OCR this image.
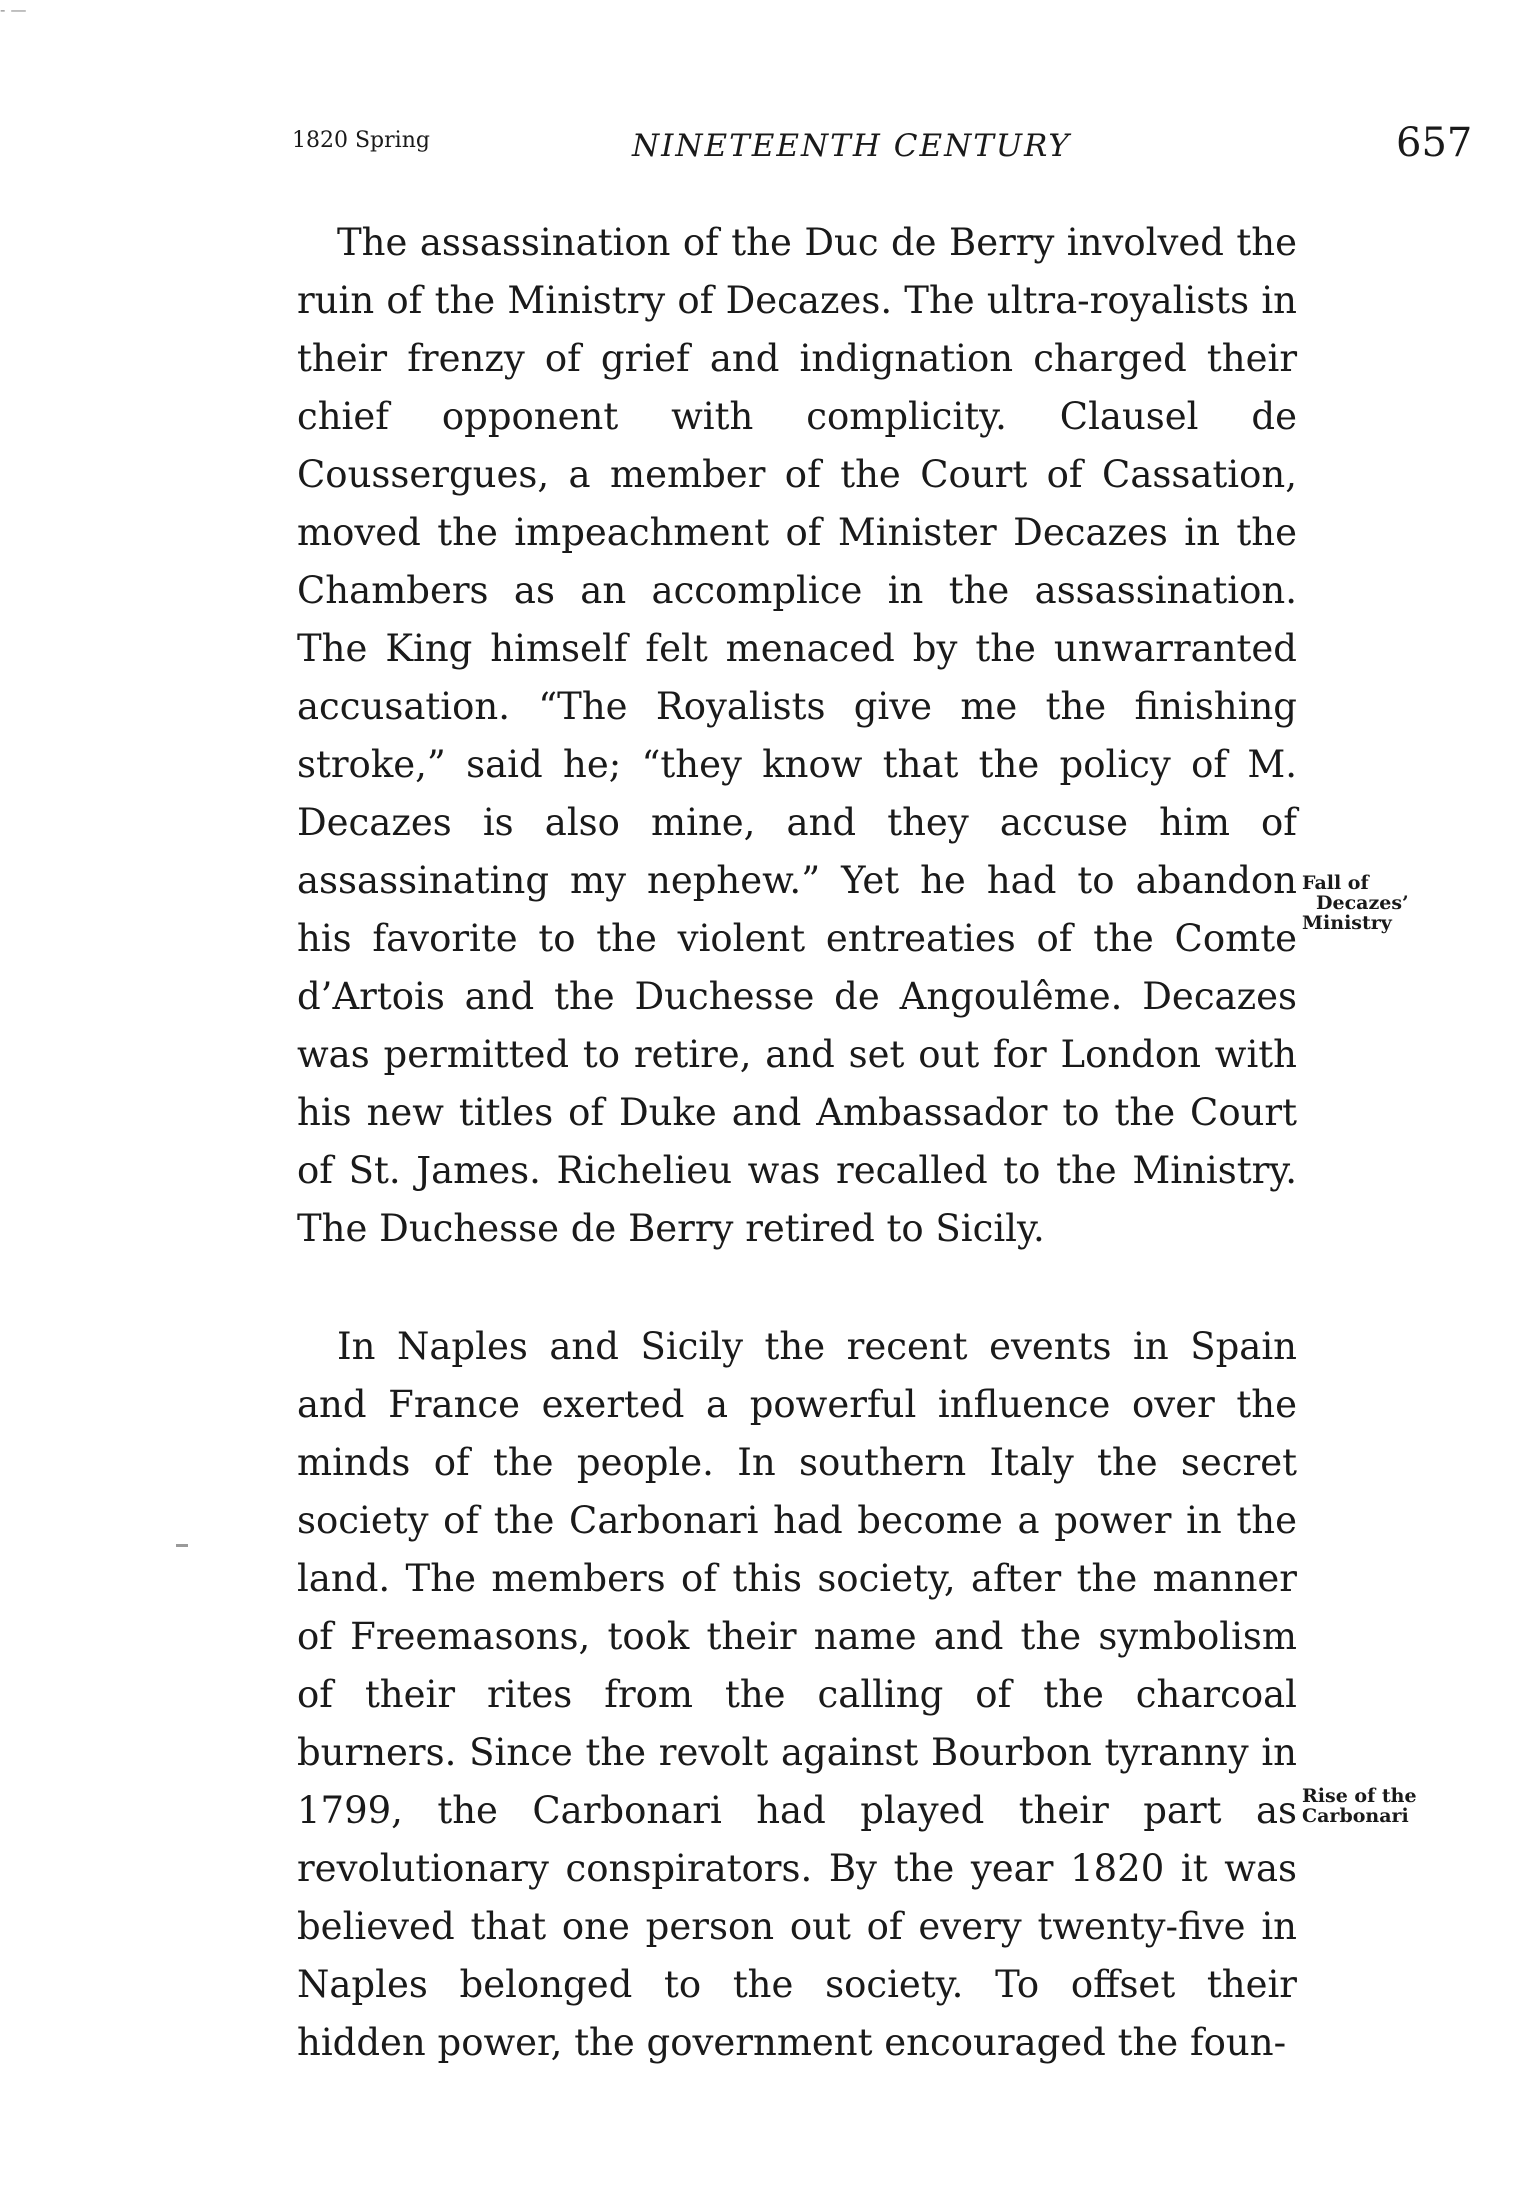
- —
1820 Spring	NINETEENTH CENTURY	657

The assassination of the Duc de Berry involved the ruin of the Ministry of Decazes. The ultra-royalists in their frenzy of grief and indignation charged their chief opponent with complicity. Clausel de Coussergues, a member of the Court of Cassation, moved the impeachment of Minister Decazes in the Chambers as an accomplice in the assassination. The King himself felt menaced by the unwarranted accusation. “The Royalists give me the finishing stroke,” said he; “they know that the policy of M. Decazes is also mine, and they accuse him of assassinating my nephew.” Yet he had to abandon his favorite to the violent entreaties of the Comte d’Artois and the Duchesse de Angoulême. Decazes was permitted to retire, and set out for London with his new titles of Duke and Ambassador to the Court of St. James. Richelieu was recalled to the Ministry. The Duchesse de Berry retired to Sicily.

Fall of
Decazes’
Ministry

In Naples and Sicily the recent events in Spain and France exerted a powerful influence over the minds of the people. In southern Italy the secret society of the Carbonari had become a power in the land. The members of this society, after the manner of Freemasons, took their name and the symbolism of their rites from the calling of the charcoal burners. Since the revolt against Bourbon tyranny in 1799, the Carbonari had played their part as revolutionary conspirators. By the year 1820 it was believed that one person out of every twenty-five in Naples belonged to the society. To offset their hidden power, the government encouraged the foun-

Rise of the
Carbonari
